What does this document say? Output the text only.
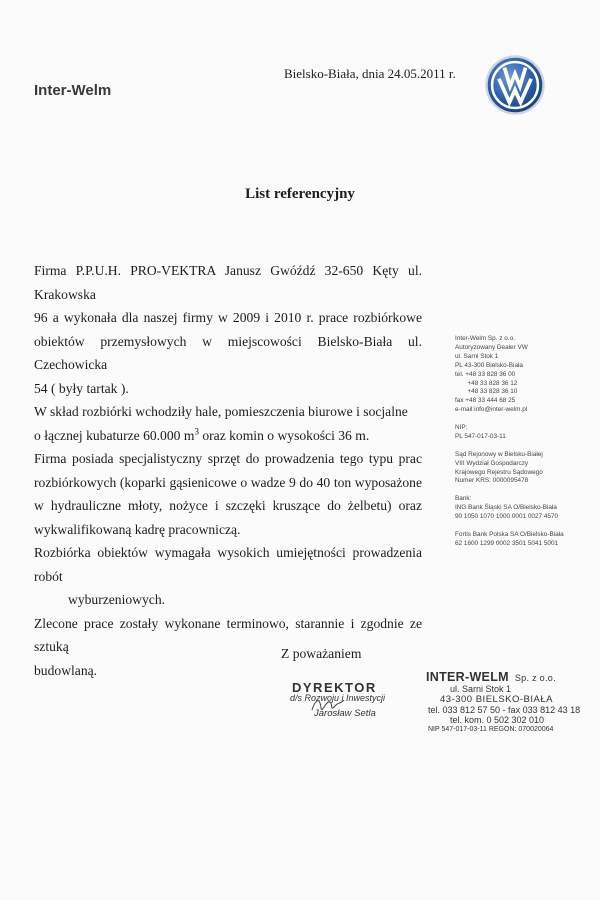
Inter-Welm
Bielsko-Biała, dnia 24.05.2011 r.
List referencyjny

Firma P.P.U.H. PRO-VEKTRA Janusz Gwóźdź 32-650 Kęty ul. Krakowska

96 a wykonała dla naszej firmy w 2009 i 2010 r. prace rozbiórkowe

obiektów przemysłowych w miejscowości Bielsko-Biała ul. Czechowicka

54 ( były tartak ).

W skład rozbiórki wchodziły hale, pomieszczenia biurowe i socjalne

o łącznej kubaturze 60.000 $m^3$ oraz komin o wysokości 36 m.

Firma posiada specjalistyczny sprzęt do prowadzenia tego typu prac

rozbiórkowych (koparki gąsienicowe o wadze 9 do 40 ton wyposażone

w hydrauliczne młoty, nożyce i szczęki kruszące do żelbetu) oraz

wykwalifikowaną kadrę pracowniczą.

Rozbiórka obiektów wymagała wysokich umiejętności prowadzenia robót

wyburzeniowych.

Zlecone prace zostały wykonane terminowo, starannie i zgodnie ze sztuką

budowlaną.

Inter-Welm Sp. z o.o.
Autoryzowany Dealer VW
ul. Sarni Stok 1
PL 43-300 Bielsko-Biała
tel. +48 33 828 36 00
+48 33 828 36 12
+48 33 828 36 10
fax +48 33 444 68 25
e-mail:info@inter-welm.pl
NIP:
PL 547-017-03-11
Sąd Rejonowy w Bielsku-Białej
VIII Wydział Gospodarczy
Krajowego Rejestru Sądowego
Numer KRS: 0000095478
Bank:
ING Bank Śląski SA O/Bielsko-Biała
90 1050 1070 1000 0001 0027 4570
Fortis Bank Polska SA O/Bielsko-Biała
62 1600 1299 0002 3501 5041 5001
Z poważaniem
DYREKTOR
d/s Rozwoju i Inwestycji
Jarosław Setla
INTER-WELM Sp. z o.o.
ul. Sarni Stok 1
43-300 BIELSKO-BIAŁA
tel. 033 812 57 50 - fax 033 812 43 18
tel. kom. 0 502 302 010
NIP 547-017-03-11 REGON: 070020064
